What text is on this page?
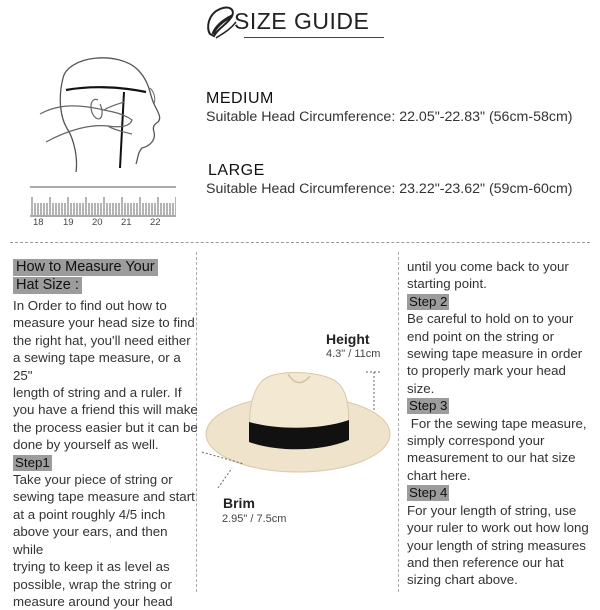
SIZE GUIDE
MEDIUM
Suitable Head Circumference: 22.05"-22.83" (56cm-58cm)
LARGE
Suitable Head Circumference: 23.22"-23.62" (59cm-60cm)
18 19 20 21 22
How to Measure Your
Hat Size :
In Order to find out how to
measure your head size to find
the right hat, you'll need either
a sewing tape measure, or a 25"
length of string and a ruler. If
you have a friend this will make
the process easier but it can be
done by yourself as well.
Step1
Take your piece of string or
sewing tape measure and start
at a point roughly 4/5 inch
above your ears, and then while
trying to keep it as level as
possible, wrap the string or
measure around your head
Height
4.3" / 11cm
Brim
2.95" / 7.5cm
until you come back to your
starting point.
Step 2
Be careful to hold on to your
end point on the string or
sewing tape measure in order
to properly mark your head
size.
Step 3
For the sewing tape measure,
simply correspond your
measurement to our hat size
chart here.
Step 4
For your length of string, use
your ruler to work out how long
your length of string measures
and then reference our hat
sizing chart above.
